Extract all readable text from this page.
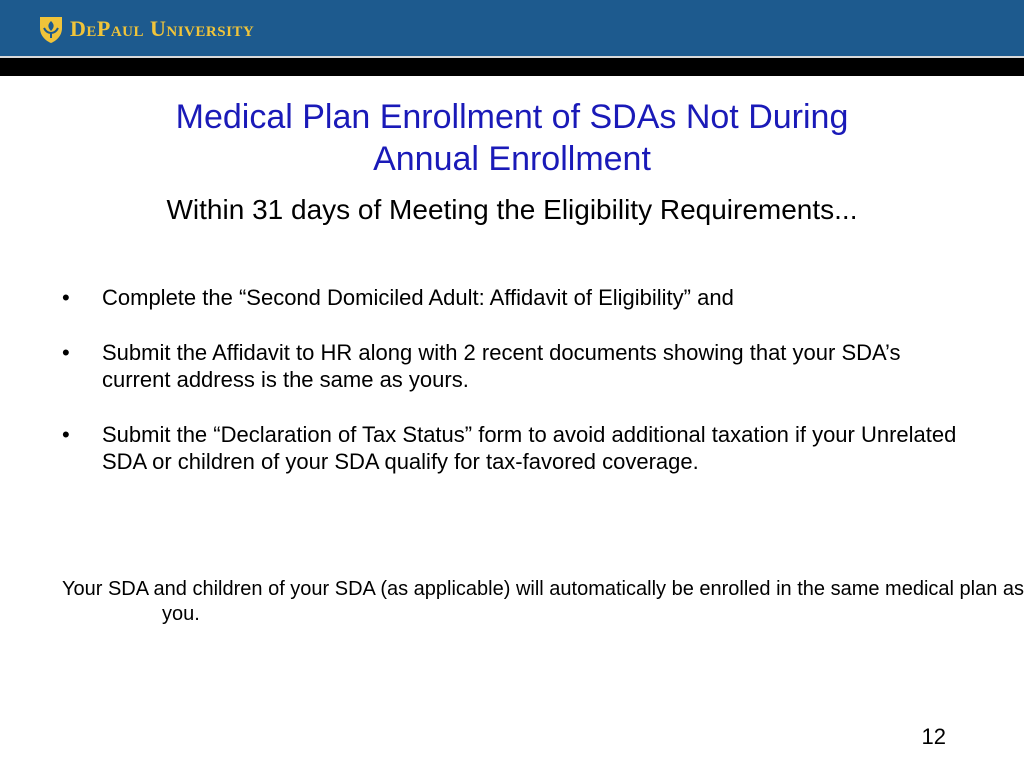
DePaul University
Medical Plan Enrollment of SDAs Not During
Annual Enrollment
Within 31 days of Meeting the Eligibility Requirements...
• Complete the “Second Domiciled Adult: Affidavit of Eligibility” and
• Submit the Affidavit to HR along with 2 recent documents showing that your SDA’s current address is the same as yours.
• Submit the “Declaration of Tax Status” form to avoid additional taxation if your Unrelated SDA or children of your SDA qualify for tax-favored coverage.
Your SDA and children of your SDA (as applicable) will automatically be enrolled in the same medical plan as you.
12
